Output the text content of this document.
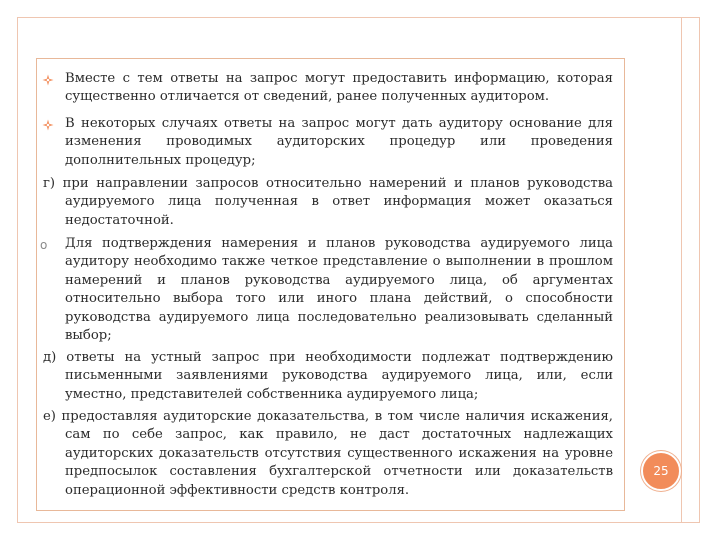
Вместе с тем ответы на запрос могут предоставить информацию, которая существенно отличается от сведений, ранее полученных аудитором.
В некоторых случаях ответы на запрос могут дать аудитору основание для изменения проводимых аудиторских процедур или проведения дополнительных процедур;
г) при направлении запросов относительно намерений и планов руководства аудируемого лица полученная в ответ информация может оказаться недостаточной.
o Для подтверждения намерения и планов руководства аудируемого лица аудитору необходимо также четкое представление о выполнении в прошлом намерений и планов руководства аудируемого лица, об аргументах относительно выбора того или иного плана действий, о способности руководства аудируемого лица последовательно реализовывать сделанный выбор;
д) ответы на устный запрос при необходимости подлежат подтверждению письменными заявлениями руководства аудируемого лица, или, если уместно, представителей собственника аудируемого лица;
е) предоставляя аудиторские доказательства, в том числе наличия искажения, сам по себе запрос, как правило, не даст достаточных надлежащих аудиторских доказательств отсутствия существенного искажения на уровне предпосылок составления бухгалтерской отчетности или доказательств операционной эффективности средств контроля.
25
